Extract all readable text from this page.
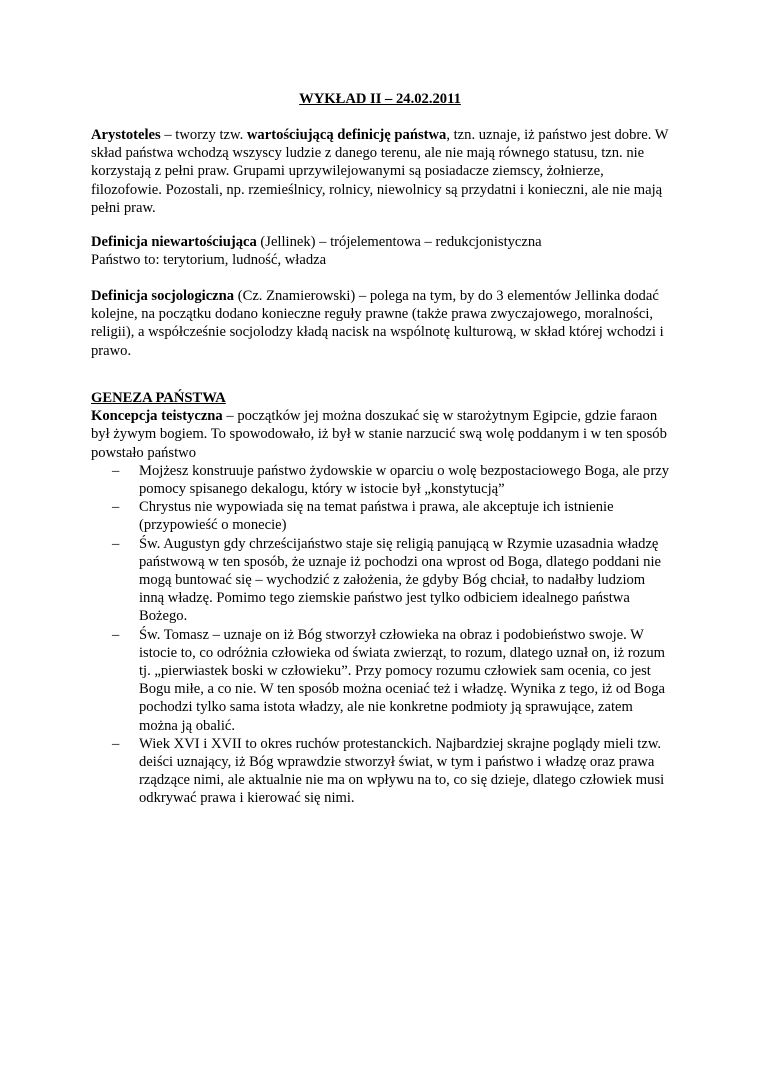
WYKŁAD II – 24.02.2011

Arystoteles – tworzy tzw. wartościującą definicję państwa, tzn. uznaje, iż państwo jest dobre. W skład państwa wchodzą wszyscy ludzie z danego terenu, ale nie mają równego statusu, tzn. nie korzystają z pełni praw. Grupami uprzywilejowanymi są posiadacze ziemscy, żołnierze, filozofowie. Pozostali, np. rzemieślnicy, rolnicy, niewolnicy są przydatni i konieczni, ale nie mają pełni praw.

Definicja niewartościująca (Jellinek) – trójelementowa – redukcjonistyczna

Państwo to: terytorium, ludność, władza

Definicja socjologiczna (Cz. Znamierowski) – polega na tym, by do 3 elementów Jellinka dodać kolejne, na początku dodano konieczne reguły prawne (także prawa zwyczajowego, moralności, religii), a współcześnie socjolodzy kładą nacisk na wspólnotę kulturową, w skład której wchodzi i prawo.

GENEZA PAŃSTWA

Koncepcja teistyczna – początków jej można doszukać się w starożytnym Egipcie, gdzie faraon był żywym bogiem. To spowodowało, iż był w stanie narzucić swą wolę poddanym i w ten sposób powstało państwo

– Mojżesz konstruuje państwo żydowskie w oparciu o wolę bezpostaciowego Boga, ale przy pomocy spisanego dekalogu, który w istocie był „konstytucją”
– Chrystus nie wypowiada się na temat państwa i prawa, ale akceptuje ich istnienie (przypowieść o monecie)
– Św. Augustyn gdy chrześcijaństwo staje się religią panującą w Rzymie uzasadnia władzę państwową w ten sposób, że uznaje iż pochodzi ona wprost od Boga, dlatego poddani nie mogą buntować się – wychodzić z założenia, że gdyby Bóg chciał, to nadałby ludziom inną władzę. Pomimo tego ziemskie państwo jest tylko odbiciem idealnego państwa Bożego.
– Św. Tomasz – uznaje on iż Bóg stworzył człowieka na obraz i podobieństwo swoje. W istocie to, co odróżnia człowieka od świata zwierząt, to rozum, dlatego uznał on, iż rozum tj. „pierwiastek boski w człowieku”. Przy pomocy rozumu człowiek sam ocenia, co jest Bogu miłe, a co nie. W ten sposób można oceniać też i władzę. Wynika z tego, iż od Boga pochodzi tylko sama istota władzy, ale nie konkretne podmioty ją sprawujące, zatem można ją obalić.
– Wiek XVI i XVII to okres ruchów protestanckich. Najbardziej skrajne poglądy mieli tzw. deiści uznający, iż Bóg wprawdzie stworzył świat, w tym i państwo i władzę oraz prawa rządzące nimi, ale aktualnie nie ma on wpływu na to, co się dzieje, dlatego człowiek musi odkrywać prawa i kierować się nimi.
